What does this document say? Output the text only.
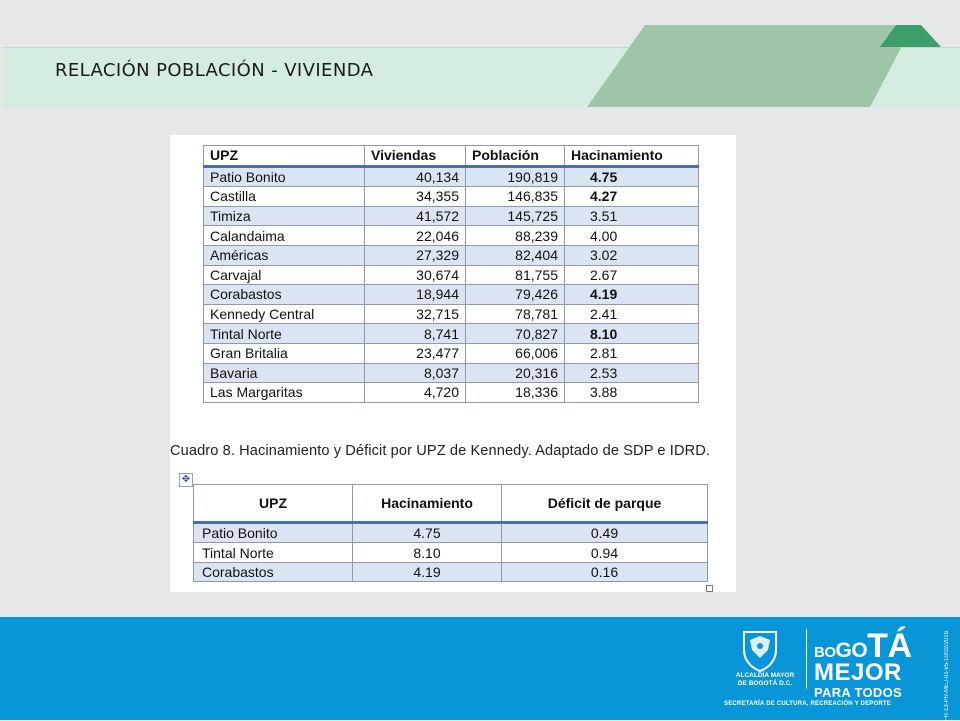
RELACIÓN POBLACIÓN - VIVIENDA
UPZ	Viviendas	Población	Hacinamiento
Patio Bonito	40,134	190,819	4.75
Castilla	34,355	146,835	4.27
Timiza	41,572	145,725	3.51
Calandaima	22,046	88,239	4.00
Américas	27,329	82,404	3.02
Carvajal	30,674	81,755	2.67
Corabastos	18,944	79,426	4.19
Kennedy Central	32,715	78,781	2.41
Tintal Norte	8,741	70,827	8.10
Gran Britalia	23,477	66,006	2.81
Bavaria	8,037	20,316	2.53
Las Margaritas	4,720	18,336	3.88
Cuadro 8. Hacinamiento y Déficit por UPZ de Kennedy. Adaptado de SDP e IDRD.
✥
UPZ	Hacinamiento	Déficit de parque
Patio Bonito	4.75	0.49
Tintal Norte	8.10	0.94
Corabastos	4.19	0.16
ALCALDÍA MAYOR
DE BOGOTÁ D.C.
BOGOTÁ
MEJOR
PARA TODOS
SECRETARÍA DE CULTURA, RECREACIÓN Y DEPORTE	FR-13-PR-MEJ-01-v5-10/02/2016
